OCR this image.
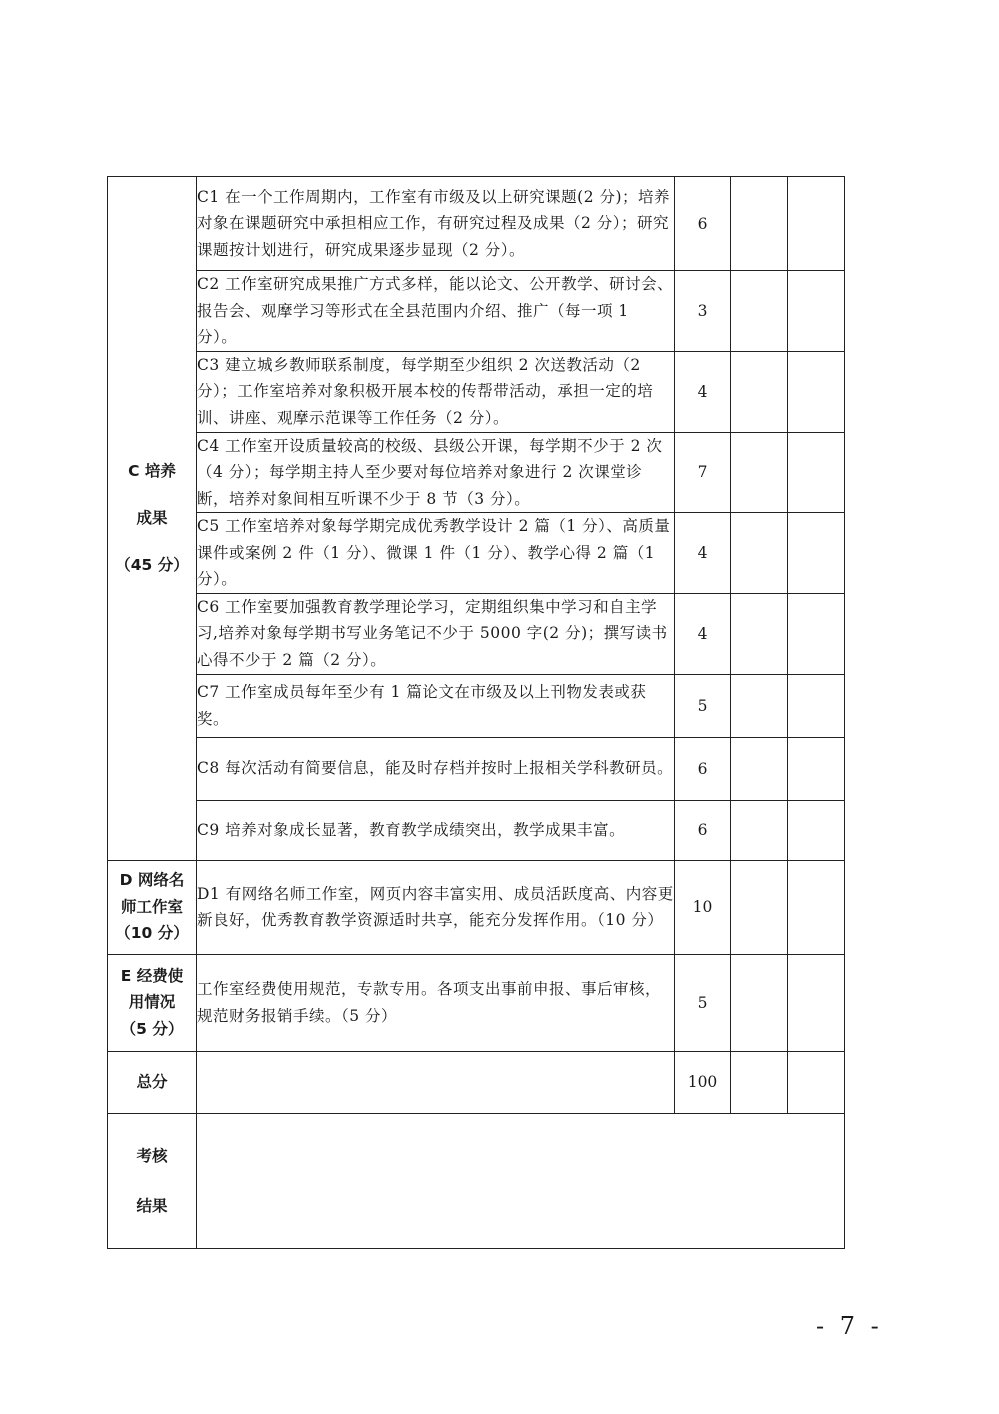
C 培养
成果
（45 分）	C1 在一个工作周期内，工作室有市级及以上研究课题(2 分)；培养对象在课题研究中承担相应工作，有研究过程及成果（2 分）；研究课题按计划进行，研究成果逐步显现（2 分）。	6		
	C2 工作室研究成果推广方式多样，能以论文、公开教学、研讨会、报告会、观摩学习等形式在全县范围内介绍、推广（每一项 1 分）。	3		
	C3 建立城乡教师联系制度，每学期至少组织 2 次送教活动（2 分）；工作室培养对象积极开展本校的传帮带活动，承担一定的培训、讲座、观摩示范课等工作任务（2 分）。	4		
	C4 工作室开设质量较高的校级、县级公开课，每学期不少于 2 次（4 分）；每学期主持人至少要对每位培养对象进行 2 次课堂诊断，培养对象间相互听课不少于 8 节（3 分）。	7		
	C5 工作室培养对象每学期完成优秀教学设计 2 篇（1 分）、高质量课件或案例 2 件（1 分）、微课 1 件（1 分）、教学心得 2 篇（1 分）。	4		
	C6 工作室要加强教育教学理论学习，定期组织集中学习和自主学习,培养对象每学期书写业务笔记不少于 5000 字(2 分)；撰写读书心得不少于 2 篇（2 分）。	4		
	C7 工作室成员每年至少有 1 篇论文在市级及以上刊物发表或获奖。	5		
	C8 每次活动有简要信息，能及时存档并按时上报相关学科教研员。	6		
	C9 培养对象成长显著，教育教学成绩突出，教学成果丰富。	6		

D 网络名
师工作室
（10 分）	D1 有网络名师工作室，网页内容丰富实用、成员活跃度高、内容更新良好，优秀教育教学资源适时共享，能充分发挥作用。（10 分）	10		

E 经费使
用情况
（5 分）	工作室经费使用规范，专款专用。各项支出事前申报、事后审核，规范财务报销手续。（5 分）	5		
总分		100		

考核
结果				

- 7 -
